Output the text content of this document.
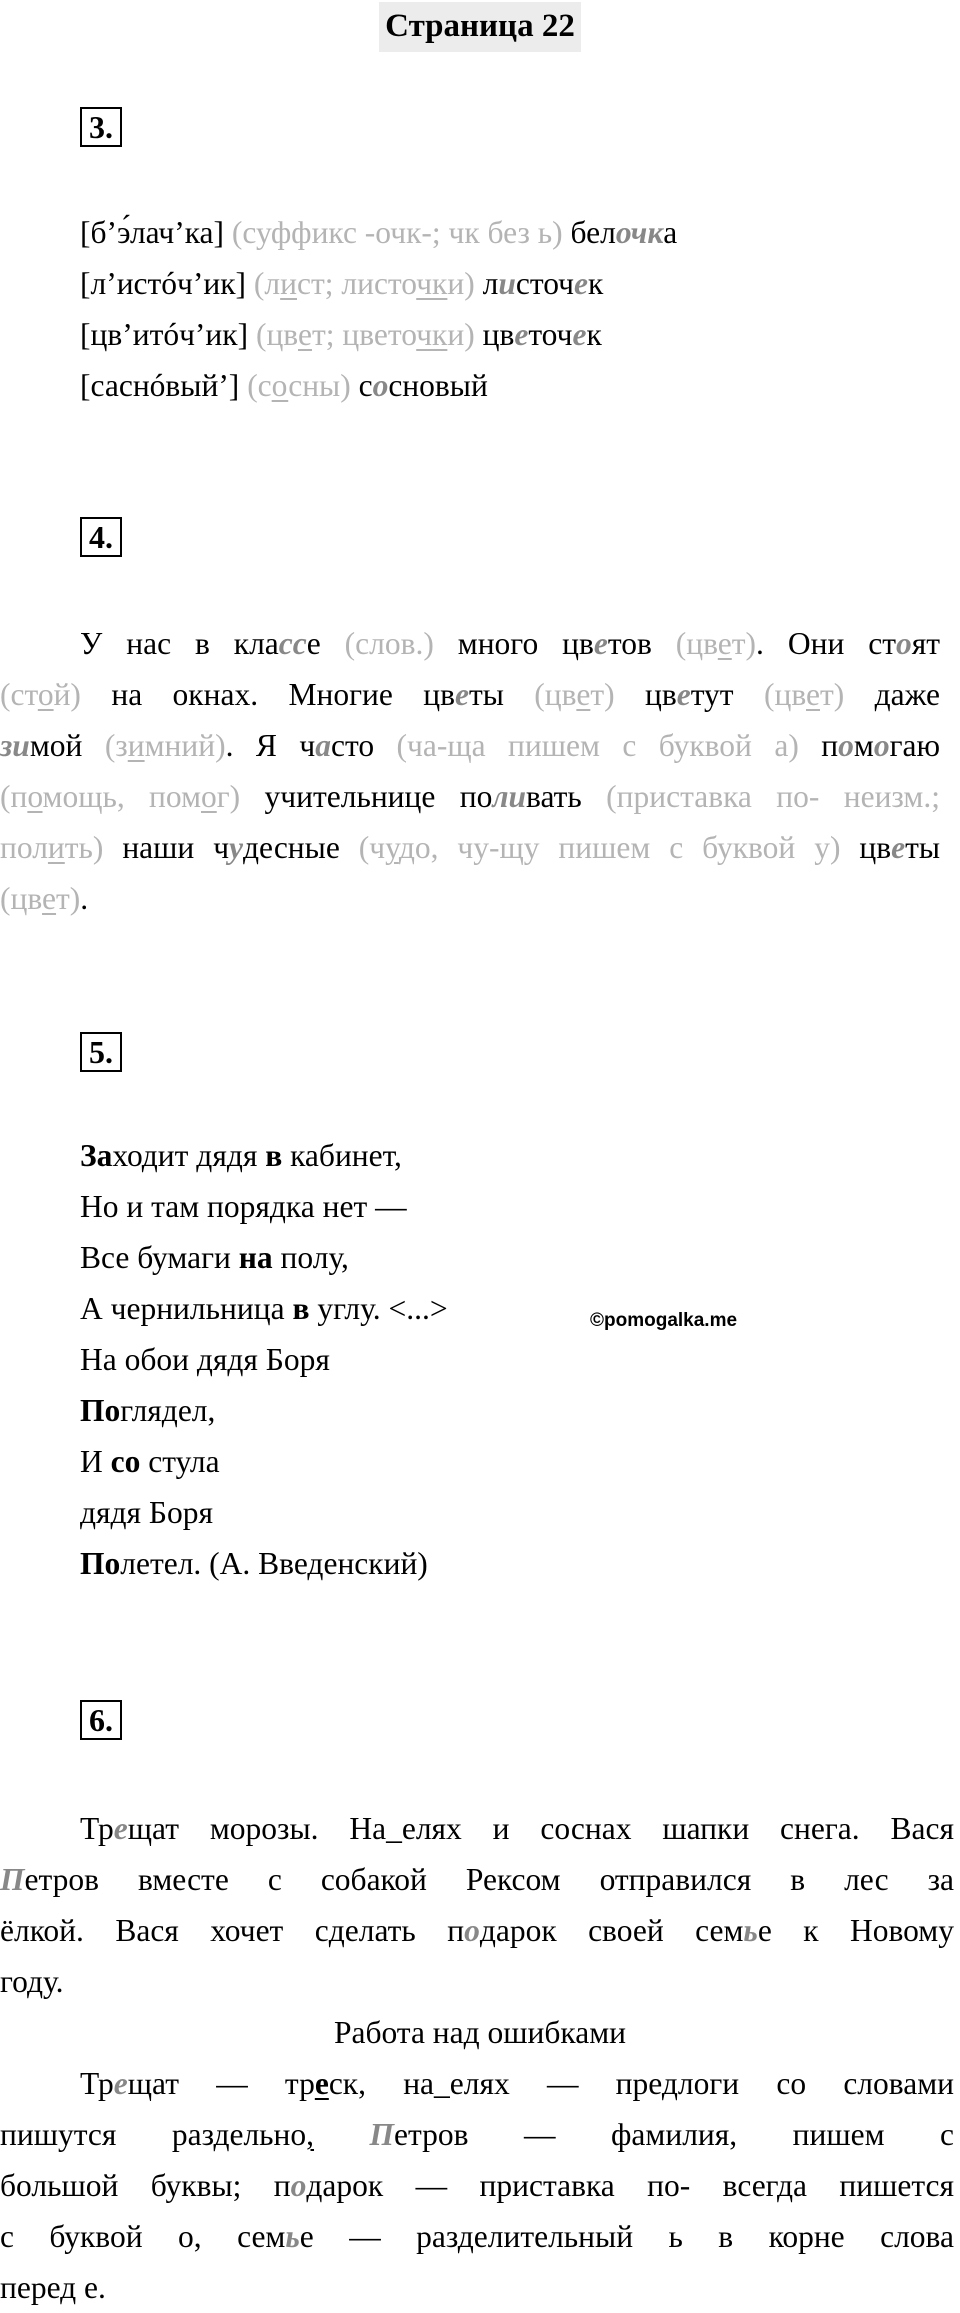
Страница 22
3.
[б’э́лач’ка] (суффикс -очк-; чк без ь) белочка
[л’истóч’ик] (лист; листочки) листочек
[цв’итóч’ик] (цвет; цветочки) цветочек
[саснóвый’] (сосны) сосновый
4.
У нас в классе (слов.) много цветов (цвет). Они стоят
(стой) на окнах. Многие цветы (цвет) цветут (цвет) даже
зимой (зимний). Я часто (ча-ща пишем с буквой а) помогаю
(помощь, помог) учительнице поливать (приставка по- неизм.;
полить) наши чудесные (чудо, чу-щу пишем с буквой у) цветы
(цвет).
5.
Заходит дядя в кабинет,
Но и там порядка нет —
Все бумаги на полу,
А чернильница в углу. <...>
На обои дядя Боря
Поглядел,
И со стула
дядя Боря
Полетел. (А. Введенский)
©pomogalka.me
6.
Трещат морозы. На_елях и соснах шапки снега. Вася
Петров вместе с собакой Рексом отправился в лес за
ёлкой. Вася хочет сделать подарок своей семье к Новому
году.
Работа над ошибками
Трещат — треск, на_елях — предлоги со словами
пишутся раздельно, Петров — фамилия, пишем с
большой буквы; подарок — приставка по- всегда пишется
с буквой о, семье — разделительный ь в корне слова
перед е.
